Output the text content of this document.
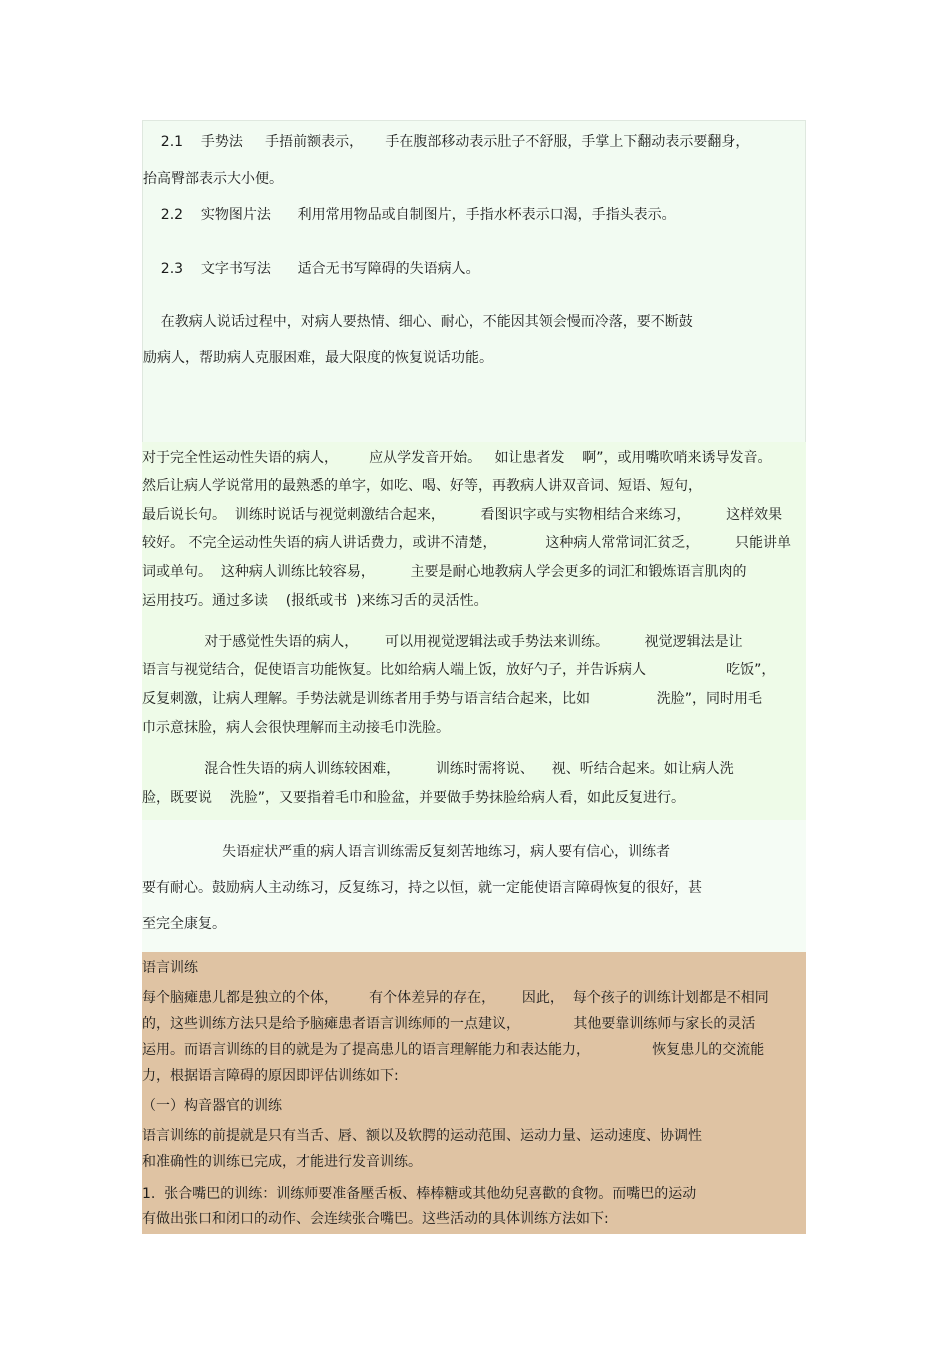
2.1    手势法     手捂前额表示，     手在腹部移动表示肚子不舒服，手掌上下翻动表示要翻身，
抬高臀部表示大小便。
2.2    实物图片法      利用常用物品或自制图片，手指水杯表示口渴，手指头表示。
2.3    文字书写法      适合无书写障碍的失语病人。
在教病人说话过程中，对病人要热情、细心、耐心，不能因其领会慢而冷落，要不断鼓
励病人，帮助病人克服困难，最大限度的恢复说话功能。
对于完全性运动性失语的病人，       应从学发音开始。   如让患者发    啊”，或用嘴吹哨来诱导发音。
然后让病人学说常用的最熟悉的单字，如吃、喝、好等，再教病人讲双音词、短语、短句，
最后说长句。  训练时说话与视觉刺激结合起来，        看图识字或与实物相结合来练习，        这样效果
较好。 不完全运动性失语的病人讲话费力，或讲不清楚，           这种病人常常词汇贫乏，        只能讲单
词或单句。  这种病人训练比较容易，        主要是耐心地教病人学会更多的词汇和锻炼语言肌肉的
运用技巧。通过多读    (报纸或书  )来练习舌的灵活性。
对于感觉性失语的病人，      可以用视觉逻辑法或手势法来训练。        视觉逻辑法是让
语言与视觉结合，促使语言功能恢复。比如给病人端上饭，放好勺子，并告诉病人                  吃饭”，
反复刺激，让病人理解。手势法就是训练者用手势与语言结合起来，比如               洗脸”，同时用毛
巾示意抹脸，病人会很快理解而主动接毛巾洗脸。
混合性失语的病人训练较困难，        训练时需将说、    视、听结合起来。如让病人洗
脸，既要说    洗脸”，又要指着毛巾和脸盆，并要做手势抹脸给病人看，如此反复进行。
失语症状严重的病人语言训练需反复刻苦地练习，病人要有信心，训练者
要有耐心。鼓励病人主动练习，反复练习，持之以恒，就一定能使语言障碍恢复的很好，甚
至完全康复。
语言训练
每个脑瘫患儿都是独立的个体，       有个体差异的存在，      因此，  每个孩子的训练计划都是不相同
的，这些训练方法只是给予脑瘫患者语言训练师的一点建议，            其他要靠训练师与家长的灵活
运用。而语言训练的目的就是为了提高患儿的语言理解能力和表达能力，              恢复患儿的交流能
力，根据语言障碍的原因即评估训练如下:
（一）构音器官的训练
语言训练的前提就是只有当舌、唇、额以及软腭的运动范围、运动力量、运动速度、协调性
和准确性的训练已完成，才能进行发音训练。
1.  张合嘴巴的训练：训练师要准备壓舌板、棒棒糖或其他幼兒喜歡的食物。而嘴巴的运动
有做出张口和闭口的动作、会连续张合嘴巴。这些活动的具体训练方法如下:
